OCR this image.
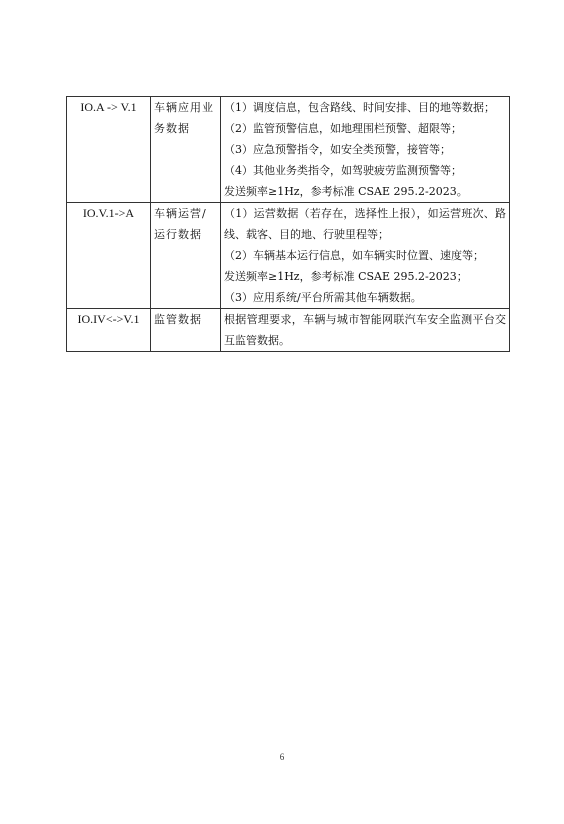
IO.A -> V.1	车辆应用业务数据	（1）调度信息，包含路线、时间安排、目的地等数据；
（2）监管预警信息，如地理围栏预警、超限等；
（3）应急预警指令，如安全类预警，接管等；
（4）其他业务类指令，如驾驶疲劳监测预警等；
发送频率≥1Hz，参考标准 CSAE 295.2-2023。

IO.V.1->A	车辆运营/运行数据	（1）运营数据（若存在，选择性上报），如运营班次、路线、载客、目的地、行驶里程等；
（2）车辆基本运行信息，如车辆实时位置、速度等；
发送频率≥1Hz，参考标准 CSAE 295.2-2023；
（3）应用系统/平台所需其他车辆数据。

IO.IV<->V.1	监管数据	根据管理要求，车辆与城市智能网联汽车安全监测平台交互监管数据。
6
